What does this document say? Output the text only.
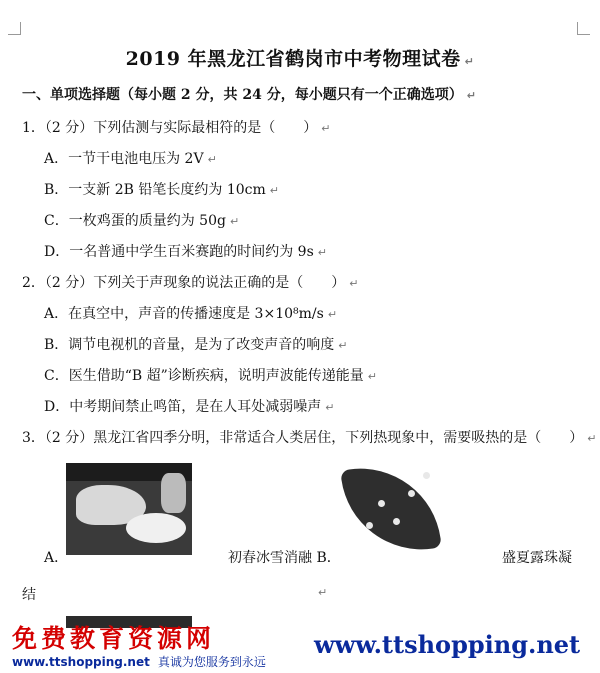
2019 年黑龙江省鹤岗市中考物理试卷 ↵
一、单项选择题（每小题 2 分，共 24 分，每小题只有一个正确选项） ↵
1．（2 分）下列估测与实际最相符的是（　　） ↵
A．一节干电池电压为 2V ↵
B．一支新 2B 铅笔长度约为 10cm ↵
C．一枚鸡蛋的质量约为 50g ↵
D．一名普通中学生百米赛跑的时间约为 9s ↵
2．（2 分）下列关于声现象的说法正确的是（　　） ↵
A．在真空中，声音的传播速度是 3×10⁸m/s ↵
B．调节电视机的音量，是为了改变声音的响度 ↵
C．医生借助“B 超”诊断疾病，说明声波能传递能量 ↵
D．中考期间禁止鸣笛，是在人耳处减弱噪声 ↵
3．（2 分）黑龙江省四季分明，非常适合人类居住，下列热现象中，需要吸热的是（　　） ↵
A．	初春冰雪消融 B．	盛夏露珠凝
结	↵
免费教育资源网
www.ttshopping.net 真诚为您服务到永远
www.ttshopping.net
